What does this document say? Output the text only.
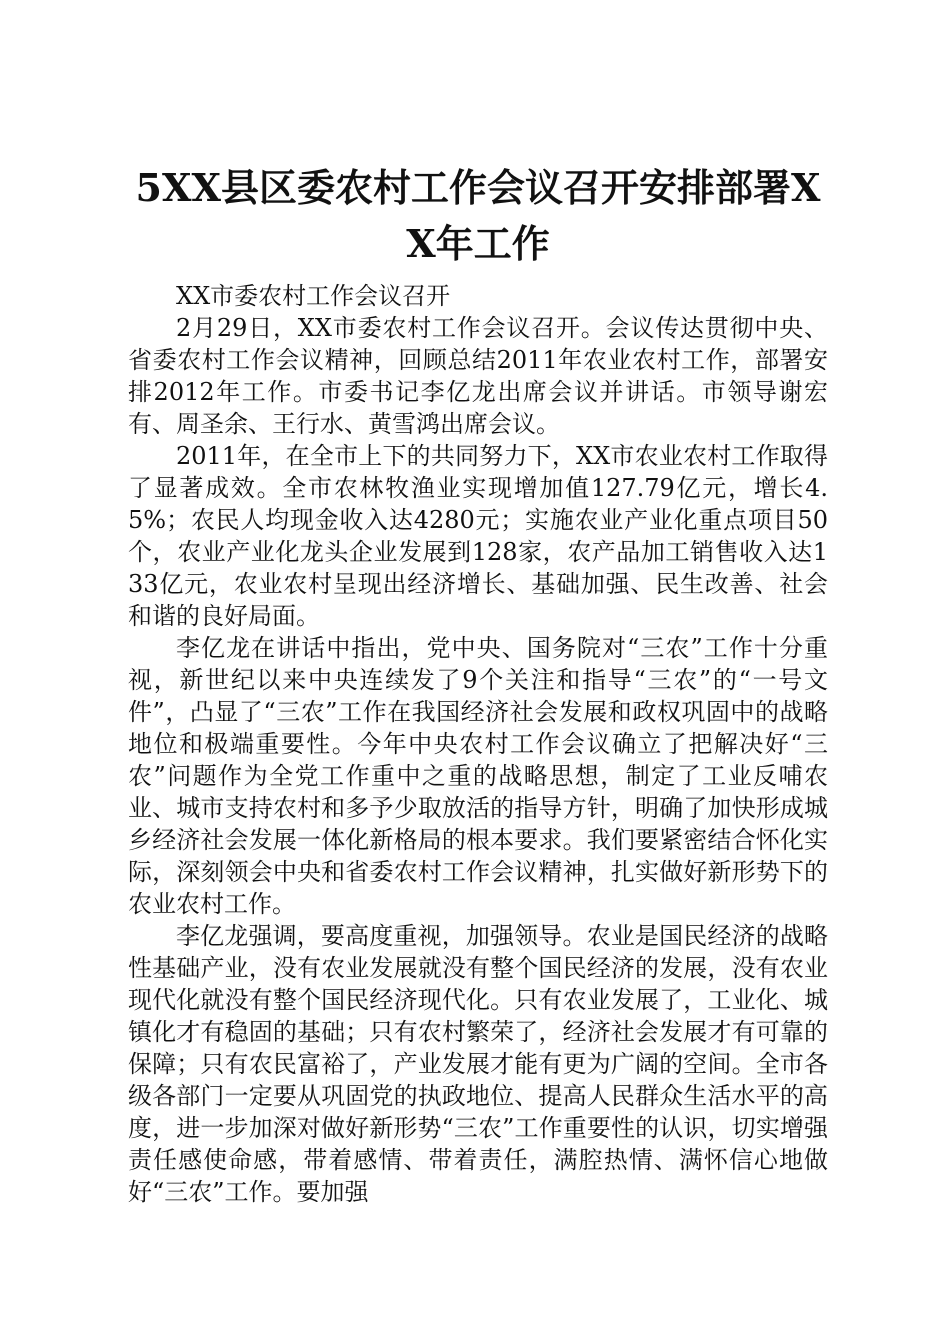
5XX县区委农村工作会议召开安排部署XX年工作

XX市委农村工作会议召开

2月29日，XX市委农村工作会议召开。会议传达贯彻中央、省委农村工作会议精神，回顾总结2011年农业农村工作，部署安排2012年工作。市委书记李亿龙出席会议并讲话。市领导谢宏有、周圣余、王行水、黄雪鸿出席会议。

2011年，在全市上下的共同努力下，XX市农业农村工作取得了显著成效。全市农林牧渔业实现增加值127.79亿元，增长4.5%；农民人均现金收入达4280元；实施农业产业化重点项目50个，农业产业化龙头企业发展到128家，农产品加工销售收入达133亿元，农业农村呈现出经济增长、基础加强、民生改善、社会和谐的良好局面。

李亿龙在讲话中指出，党中央、国务院对“三农”工作十分重视，新世纪以来中央连续发了9个关注和指导“三农”的“一号文件”，凸显了“三农”工作在我国经济社会发展和政权巩固中的战略地位和极端重要性。今年中央农村工作会议确立了把解决好“三农”问题作为全党工作重中之重的战略思想，制定了工业反哺农业、城市支持农村和多予少取放活的指导方针，明确了加快形成城乡经济社会发展一体化新格局的根本要求。我们要紧密结合怀化实际，深刻领会中央和省委农村工作会议精神，扎实做好新形势下的农业农村工作。

李亿龙强调，要高度重视，加强领导。农业是国民经济的战略性基础产业，没有农业发展就没有整个国民经济的发展，没有农业现代化就没有整个国民经济现代化。只有农业发展了，工业化、城镇化才有稳固的基础；只有农村繁荣了，经济社会发展才有可靠的保障；只有农民富裕了，产业发展才能有更为广阔的空间。全市各级各部门一定要从巩固党的执政地位、提高人民群众生活水平的高度，进一步加深对做好新形势“三农”工作重要性的认识，切实增强责任感使命感，带着感情、带着责任，满腔热情、满怀信心地做好“三农”工作。要加强
